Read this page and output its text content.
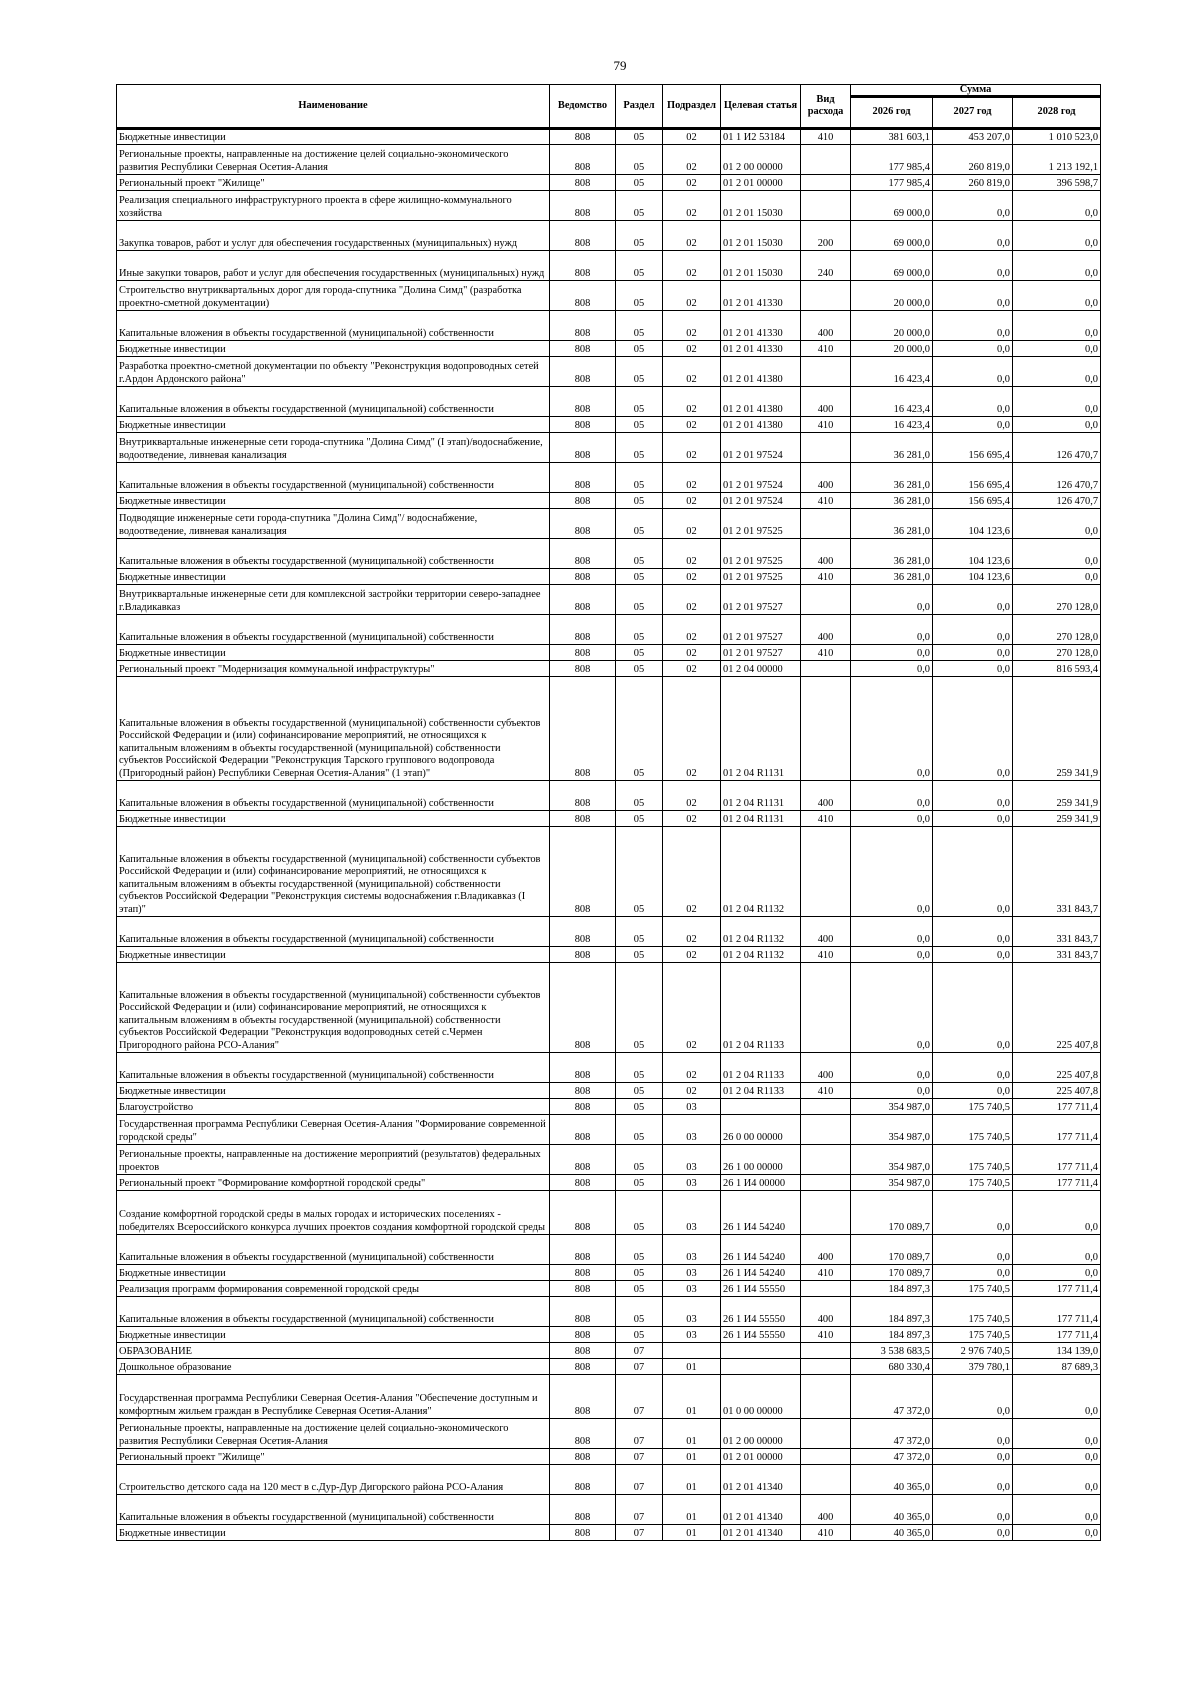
79
Наименование	Ведомство	Раздел	Подраздел	Целевая статья	Вид расхода	Сумма		
						2026 год	2027 год	2028 год
Бюджетные инвестиции	808	05	02	01 1 И2 53184	410	381 603,1	453 207,0	1 010 523,0
Региональные проекты, направленные на достижение целей социально-экономического развития Республики Северная Осетия-Алания	808	05	02	01 2 00 00000		177 985,4	260 819,0	1 213 192,1
Региональный проект "Жилище"	808	05	02	01 2 01 00000		177 985,4	260 819,0	396 598,7
Реализация специального инфраструктурного проекта в сфере жилищно-коммунального хозяйства	808	05	02	01 2 01 15030		69 000,0	0,0	0,0
Закупка товаров, работ и услуг для обеспечения государственных (муниципальных) нужд	808	05	02	01 2 01 15030	200	69 000,0	0,0	0,0
Иные закупки товаров, работ и услуг для обеспечения государственных (муниципальных) нужд	808	05	02	01 2 01 15030	240	69 000,0	0,0	0,0
Строительство внутриквартальных дорог для города-спутника "Долина Симд" (разработка проектно-сметной документации)	808	05	02	01 2 01 41330		20 000,0	0,0	0,0
Капитальные вложения в объекты государственной (муниципальной) собственности	808	05	02	01 2 01 41330	400	20 000,0	0,0	0,0
Бюджетные инвестиции	808	05	02	01 2 01 41330	410	20 000,0	0,0	0,0
Разработка проектно-сметной документации по объекту "Реконструкция водопроводных сетей г.Ардон Ардонского района"	808	05	02	01 2 01 41380		16 423,4	0,0	0,0
Капитальные вложения в объекты государственной (муниципальной) собственности	808	05	02	01 2 01 41380	400	16 423,4	0,0	0,0
Бюджетные инвестиции	808	05	02	01 2 01 41380	410	16 423,4	0,0	0,0
Внутриквартальные инженерные сети города-спутника "Долина Симд" (I этап)/водоснабжение, водоотведение, ливневая канализация	808	05	02	01 2 01 97524		36 281,0	156 695,4	126 470,7
Капитальные вложения в объекты государственной (муниципальной) собственности	808	05	02	01 2 01 97524	400	36 281,0	156 695,4	126 470,7
Бюджетные инвестиции	808	05	02	01 2 01 97524	410	36 281,0	156 695,4	126 470,7
Подводящие инженерные сети города-спутника "Долина Симд"/ водоснабжение, водоотведение, ливневая канализация	808	05	02	01 2 01 97525		36 281,0	104 123,6	0,0
Капитальные вложения в объекты государственной (муниципальной) собственности	808	05	02	01 2 01 97525	400	36 281,0	104 123,6	0,0
Бюджетные инвестиции	808	05	02	01 2 01 97525	410	36 281,0	104 123,6	0,0
Внутриквартальные инженерные сети для комплексной застройки территории северо-западнее г.Владикавказ	808	05	02	01 2 01 97527		0,0	0,0	270 128,0
Капитальные вложения в объекты государственной (муниципальной) собственности	808	05	02	01 2 01 97527	400	0,0	0,0	270 128,0
Бюджетные инвестиции	808	05	02	01 2 01 97527	410	0,0	0,0	270 128,0
Региональный проект "Модернизация коммунальной инфраструктуры"	808	05	02	01 2 04 00000		0,0	0,0	816 593,4
Капитальные вложения в объекты государственной (муниципальной) собственности субъектов Российской Федерации и (или) софинансирование мероприятий, не относящихся к капитальным вложениям в объекты государственной (муниципальной) собственности субъектов Российской Федерации "Реконструкция Тарского группового водопровода (Пригородный район) Республики Северная Осетия-Алания" (1 этап)"	808	05	02	01 2 04 R1131		0,0	0,0	259 341,9
Капитальные вложения в объекты государственной (муниципальной) собственности	808	05	02	01 2 04 R1131	400	0,0	0,0	259 341,9
Бюджетные инвестиции	808	05	02	01 2 04 R1131	410	0,0	0,0	259 341,9
Капитальные вложения в объекты государственной (муниципальной) собственности субъектов Российской Федерации и (или) софинансирование мероприятий, не относящихся к капитальным вложениям в объекты государственной (муниципальной) собственности субъектов Российской Федерации "Реконструкция системы водоснабжения г.Владикавказ (I этап)"	808	05	02	01 2 04 R1132		0,0	0,0	331 843,7
Капитальные вложения в объекты государственной (муниципальной) собственности	808	05	02	01 2 04 R1132	400	0,0	0,0	331 843,7
Бюджетные инвестиции	808	05	02	01 2 04 R1132	410	0,0	0,0	331 843,7
Капитальные вложения в объекты государственной (муниципальной) собственности субъектов Российской Федерации и (или) софинансирование мероприятий, не относящихся к капитальным вложениям в объекты государственной (муниципальной) собственности субъектов Российской Федерации "Реконструкция водопроводных сетей с.Чермен Пригородного района РСО-Алания"	808	05	02	01 2 04 R1133		0,0	0,0	225 407,8
Капитальные вложения в объекты государственной (муниципальной) собственности	808	05	02	01 2 04 R1133	400	0,0	0,0	225 407,8
Бюджетные инвестиции	808	05	02	01 2 04 R1133	410	0,0	0,0	225 407,8
Благоустройство	808	05	03			354 987,0	175 740,5	177 711,4
Государственная программа Республики Северная Осетия-Алания "Формирование современной городской среды"	808	05	03	26 0 00 00000		354 987,0	175 740,5	177 711,4
Региональные проекты, направленные на достижение мероприятий (результатов) федеральных проектов	808	05	03	26 1 00 00000		354 987,0	175 740,5	177 711,4
Региональный проект "Формирование комфортной городской среды"	808	05	03	26 1 И4 00000		354 987,0	175 740,5	177 711,4
Создание комфортной городской среды в малых городах и исторических поселениях - победителях Всероссийского конкурса лучших проектов создания комфортной городской среды	808	05	03	26 1 И4 54240		170 089,7	0,0	0,0
Капитальные вложения в объекты государственной (муниципальной) собственности	808	05	03	26 1 И4 54240	400	170 089,7	0,0	0,0
Бюджетные инвестиции	808	05	03	26 1 И4 54240	410	170 089,7	0,0	0,0
Реализация программ формирования современной городской среды	808	05	03	26 1 И4 55550		184 897,3	175 740,5	177 711,4
Капитальные вложения в объекты государственной (муниципальной) собственности	808	05	03	26 1 И4 55550	400	184 897,3	175 740,5	177 711,4
Бюджетные инвестиции	808	05	03	26 1 И4 55550	410	184 897,3	175 740,5	177 711,4
ОБРАЗОВАНИЕ	808	07				3 538 683,5	2 976 740,5	134 139,0
Дошкольное образование	808	07	01			680 330,4	379 780,1	87 689,3
Государственная программа Республики Северная Осетия-Алания "Обеспечение доступным и комфортным жильем граждан в Республике Северная Осетия-Алания"	808	07	01	01 0 00 00000		47 372,0	0,0	0,0
Региональные проекты, направленные на достижение целей социально-экономического развития Республики Северная Осетия-Алания	808	07	01	01 2 00 00000		47 372,0	0,0	0,0
Региональный проект "Жилище"	808	07	01	01 2 01 00000		47 372,0	0,0	0,0
Строительство детского сада на 120 мест в с.Дур-Дур Дигорского района РСО-Алания	808	07	01	01 2 01 41340		40 365,0	0,0	0,0
Капитальные вложения в объекты государственной (муниципальной) собственности	808	07	01	01 2 01 41340	400	40 365,0	0,0	0,0
Бюджетные инвестиции	808	07	01	01 2 01 41340	410	40 365,0	0,0	0,0
